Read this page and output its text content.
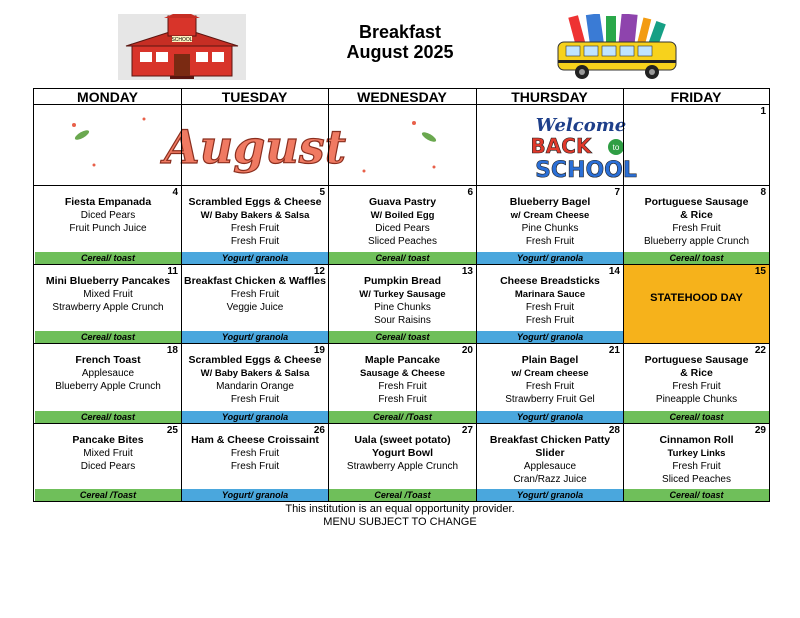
Breakfast
August 2025
SCHOOL
MONDAY	TUESDAY	WEDNESDAY	THURSDAY	FRIDAY
August
1
Welcome
BACK	to
SCHOOL
4
Fiesta Empanada
Diced Pears
Fruit Punch Juice
Cereal/ toast
5
Scrambled Eggs & Cheese
W/ Baby Bakers & Salsa
Fresh Fruit
Fresh Fruit
Yogurt/ granola
6
Guava Pastry
W/ Boiled Egg
Diced Pears
Sliced Peaches
Cereal/ toast
7
Blueberry Bagel
w/ Cream Cheese
Pine Chunks
Fresh Fruit
Yogurt/ granola
8
Portuguese Sausage
& Rice
Fresh Fruit
Blueberry apple Crunch
Cereal/ toast
11
Mini Blueberry Pancakes
Mixed Fruit
Strawberry Apple Crunch
Cereal/ toast
12
Breakfast Chicken & Waffles
Fresh Fruit
Veggie Juice
Yogurt/ granola
13
Pumpkin Bread
W/ Turkey Sausage
Pine Chunks
Sour Raisins
Cereal/ toast
14
Cheese Breadsticks
Marinara Sauce
Fresh Fruit
Fresh Fruit
Yogurt/ granola
15
STATEHOOD DAY
18
French Toast
Applesauce
Blueberry Apple Crunch
Cereal/ toast
19
Scrambled Eggs & Cheese
W/ Baby Bakers & Salsa
Mandarin Orange
Fresh Fruit
Yogurt/ granola
20
Maple Pancake
Sausage & Cheese
Fresh Fruit
Fresh Fruit
Cereal/ /Toast
21
Plain Bagel
w/ Cream cheese
Fresh Fruit
Strawberry Fruit Gel
Yogurt/ granola
22
Portuguese Sausage
& Rice
Fresh Fruit
Pineapple Chunks
Cereal/ toast
25
Pancake Bites
Mixed Fruit
Diced Pears
Cereal /Toast
26
Ham & Cheese Croissaint
Fresh Fruit
Fresh Fruit
Yogurt/ granola
27
Uala (sweet potato)
Yogurt Bowl
Strawberry Apple Crunch
Cereal /Toast
28
Breakfast Chicken Patty
Slider
Applesauce
Cran/Razz Juice
Yogurt/ granola
29
Cinnamon Roll
Turkey Links
Fresh Fruit
Sliced Peaches
Cereal/ toast
This institution is an equal opportunity provider.
MENU SUBJECT TO CHANGE
